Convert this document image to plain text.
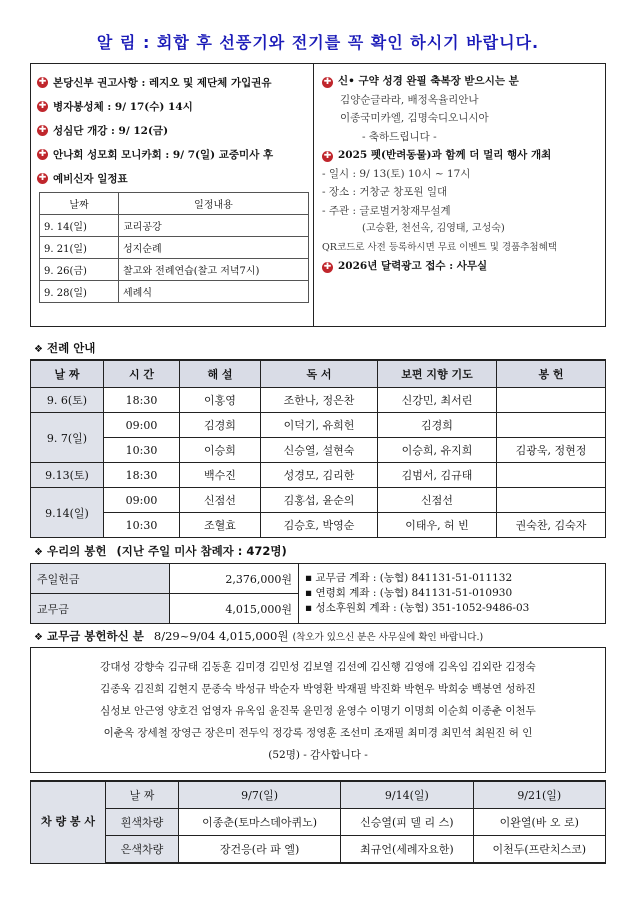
알 림 : 회합 후 선풍기와 전기를 꼭 확인 하시기 바랍니다.
✚ 본당신부 권고사항 : 레지오 및 제단체 가입권유
✚ 병자봉성체 : 9/ 17(수) 14시
✚ 성심단 개강 : 9/ 12(금)
✚ 안나회 성모회 모니카회 : 9/ 7(일) 교중미사 후
✚ 예비신자 일정표
날짜	일정내용
9. 14(일)	교리공강
9. 21(일)	성지순례
9. 26(금)	찰고와 전례연습(찰고 저녁7시)
9. 28(일)	세례식
✚ 신• 구약 성경 완필 축복장 받으시는 분
김양순글라라, 배정옥율리안나
이종국미카엘, 김명숙디오니시아
- 축하드립니다 -
✚ 2025 펫(반려동물)과 함께 더 멀리 행사 개최
- 일시 : 9/ 13(토) 10시 ~ 17시
- 장소 : 거창군 창포원 일대
- 주관 : 글로벌거창재무설계
(고승환, 천선옥, 김영태, 고성숙)
QR코드로 사전 등록하시면 무료 이벤트 및 경품추첨혜택
✚ 2026년 달력광고 접수 : 사무실
❖ 전례 안내
날 짜	시 간	해 설	독 서	보편 지향 기도	봉 헌
9. 6(토)	18:30	이홍영	조한나, 정은찬	신강민, 최서린	
9. 7(일)	09:00	김경희	이덕기, 유희헌	김경희	
	10:30	이승희	신승열, 설현숙	이승희, 유지희	김광욱, 정현정
9.13(토)	18:30	백수진	성경모, 김리한	김범서, 김규태	
9.14(일)	09:00	신점선	김홍섭, 윤순의	신점선	
	10:30	조혈효	김승호, 박영순	이태우, 허 빈	권숙찬, 김숙자
❖ 우리의 봉헌 (지난 주일 미사 참례자 : 472명)
주일헌금	2,376,000원	▪ 교무금 계좌 : (농협) 841131-51-011132
▪ 연령회 계좌 : (농협) 841131-51-010930
▪ 성소후원회 계좌 : (농협) 351-1052-9486-03

교무금	4,015,000원	
❖ 교무금 봉헌하신 분 8/29~9/04 4,015,000원 (착오가 있으신 분은 사무실에 확인 바랍니다.)
강대성 강향숙 김규태 김동훈 김미경 김민성 김보열 김선예 김신행 김영애 김옥임 김외란 김정숙
김종욱 김진희 김현지 문종숙 박성규 박순자 박영환 박재필 박진화 박현우 박희숭 백봉연 성하진
심성보 안근영 양호건 엄영자 유옥임 윤진묵 윤민정 윤영수 이명기 이명희 이순희 이종춘 이천두
이춘옥 장세철 장영근 장은미 전두익 정강록 정영훈 조선미 조재필 최미경 최민석 최원진 허 인
(52명) - 감사합니다 -
차 량 봉 사	날 짜	9/7(일)	9/14(일)	9/21(일)
	흰색차량	이종춘(토마스데아퀴노)	신승열(피 델 리 스)	이완열(바 오 로)
	은색차량	장건응(라 파 엘)	최규언(세례자요한)	이천두(프란치스코)
